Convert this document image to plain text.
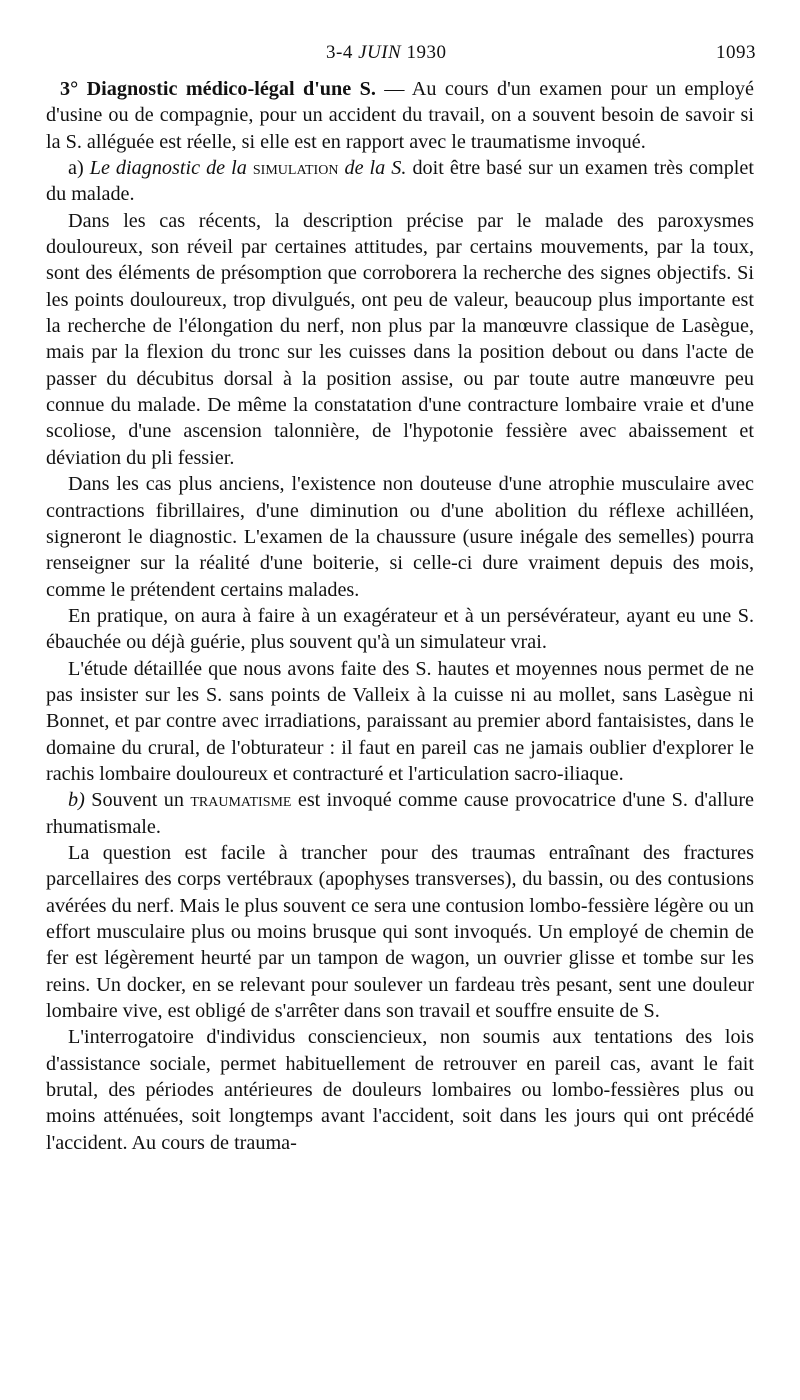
3-4 JUIN 1930	1093

3° Diagnostic médico-légal d'une S. — Au cours d'un examen pour un employé d'usine ou de compagnie, pour un accident du travail, on a souvent besoin de savoir si la S. alléguée est réelle, si elle est en rapport avec le traumatisme invoqué.

a) Le diagnostic de la simulation de la S. doit être basé sur un examen très complet du malade.

Dans les cas récents, la description précise par le malade des paroxysmes douloureux, son réveil par certaines attitudes, par certains mouvements, par la toux, sont des éléments de présomption que corroborera la recherche des signes objectifs. Si les points douloureux, trop divulgués, ont peu de valeur, beaucoup plus importante est la recherche de l'élongation du nerf, non plus par la manœuvre classique de Lasègue, mais par la flexion du tronc sur les cuisses dans la position debout ou dans l'acte de passer du décubitus dorsal à la position assise, ou par toute autre manœuvre peu connue du malade. De même la constatation d'une contracture lombaire vraie et d'une scoliose, d'une ascension talonnière, de l'hypotonie fessière avec abaissement et déviation du pli fessier.

Dans les cas plus anciens, l'existence non douteuse d'une atrophie musculaire avec contractions fibrillaires, d'une diminution ou d'une abolition du réflexe achilléen, signeront le diagnostic. L'examen de la chaussure (usure inégale des semelles) pourra renseigner sur la réalité d'une boiterie, si celle-ci dure vraiment depuis des mois, comme le prétendent certains malades.

En pratique, on aura à faire à un exagérateur et à un persévérateur, ayant eu une S. ébauchée ou déjà guérie, plus souvent qu'à un simulateur vrai.

L'étude détaillée que nous avons faite des S. hautes et moyennes nous permet de ne pas insister sur les S. sans points de Valleix à la cuisse ni au mollet, sans Lasègue ni Bonnet, et par contre avec irradiations, paraissant au premier abord fantaisistes, dans le domaine du crural, de l'obturateur : il faut en pareil cas ne jamais oublier d'explorer le rachis lombaire douloureux et contracturé et l'articulation sacro-iliaque.

b) Souvent un traumatisme est invoqué comme cause provocatrice d'une S. d'allure rhumatismale.

La question est facile à trancher pour des traumas entraînant des fractures parcellaires des corps vertébraux (apophyses transverses), du bassin, ou des contusions avérées du nerf. Mais le plus souvent ce sera une contusion lombo-fessière légère ou un effort musculaire plus ou moins brusque qui sont invoqués. Un employé de chemin de fer est légèrement heurté par un tampon de wagon, un ouvrier glisse et tombe sur les reins. Un docker, en se relevant pour soulever un fardeau très pesant, sent une douleur lombaire vive, est obligé de s'arrêter dans son travail et souffre ensuite de S.

L'interrogatoire d'individus consciencieux, non soumis aux tentations des lois d'assistance sociale, permet habituellement de retrouver en pareil cas, avant le fait brutal, des périodes antérieures de douleurs lombaires ou lombo-fessières plus ou moins atténuées, soit longtemps avant l'accident, soit dans les jours qui ont précédé l'accident. Au cours de trauma-
